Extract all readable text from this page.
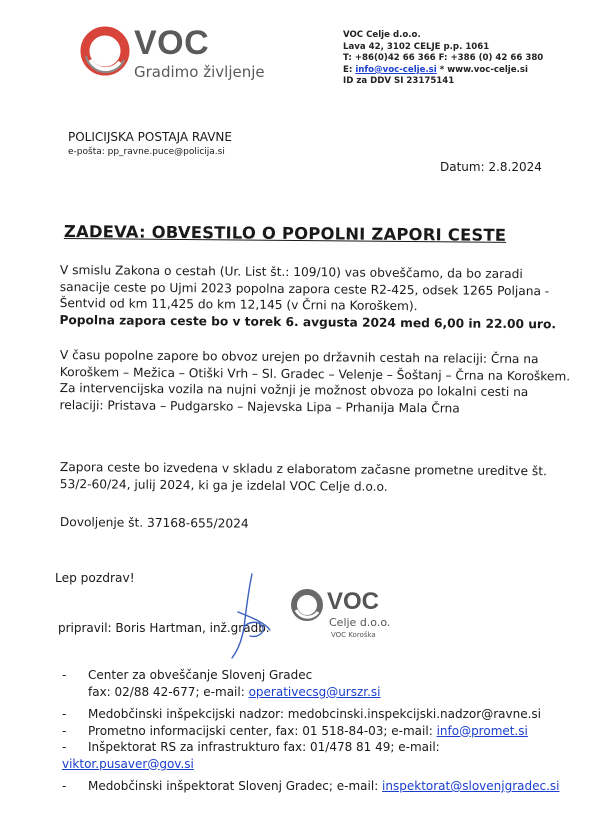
VOC
Gradimo življenje
VOC Celje d.o.o.
Lava 42, 3102 CELJE p.p. 1061
T: +86(0)42 66 366 F: +386 (0) 42 66 380
E: info@voc-celje.si * www.voc-celje.si
ID za DDV SI 23175141
POLICIJSKA POSTAJA RAVNE
e-pošta: pp_ravne.puce@policija.si
Datum: 2.8.2024
ZADEVA: OBVESTILO O POPOLNI ZAPORI CESTE

V smislu Zakona o cestah (Ur. List št.: 109/10) vas obveščamo, da bo zaradi sanacije ceste po Ujmi 2023 popolna zapora ceste R2-425, odsek 1265 Poljana - Šentvid od km 11,425 do km 12,145 (v Črni na Koroškem).

Popolna zapora ceste bo v torek 6. avgusta 2024 med 6,00 in 22.00 uro.

V času popolne zapore bo obvoz urejen po državnih cestah na relaciji: Črna na Koroškem – Mežica – Otiški Vrh – Sl. Gradec – Velenje – Šoštanj – Črna na Koroškem.

Za intervencijska vozila na nujni vožnji je možnost obvoza po lokalni cesti na relaciji: Pristava – Pudgarsko – Najevska Lipa – Prhanija Mala Črna

Zapora ceste bo izvedena v skladu z elaboratom začasne prometne ureditve št. 53/2-60/24, julij 2024, ki ga je izdelal VOC Celje d.o.o.

Dovoljenje št. 37168-655/2024

Lep pozdrav!
pripravil: Boris Hartman, inž.gradb.
VOC
Celje d.o.o.
VOC Koroška
- Center za obveščanje Slovenj Gradec
fax: 02/88 42-677; e-mail: operativecsg@urszr.si
- Medobčinski inšpekcijski nadzor: medobcinski.inspekcijski.nadzor@ravne.si
- Prometno informacijski center, fax: 01 518-84-03; e-mail: info@promet.si
- Inšpektorat RS za infrastrukturo fax: 01/478 81 49; e-mail:
viktor.pusaver@gov.si
- Medobčinski inšpektorat Slovenj Gradec; e-mail: inspektorat@slovenjgradec.si
